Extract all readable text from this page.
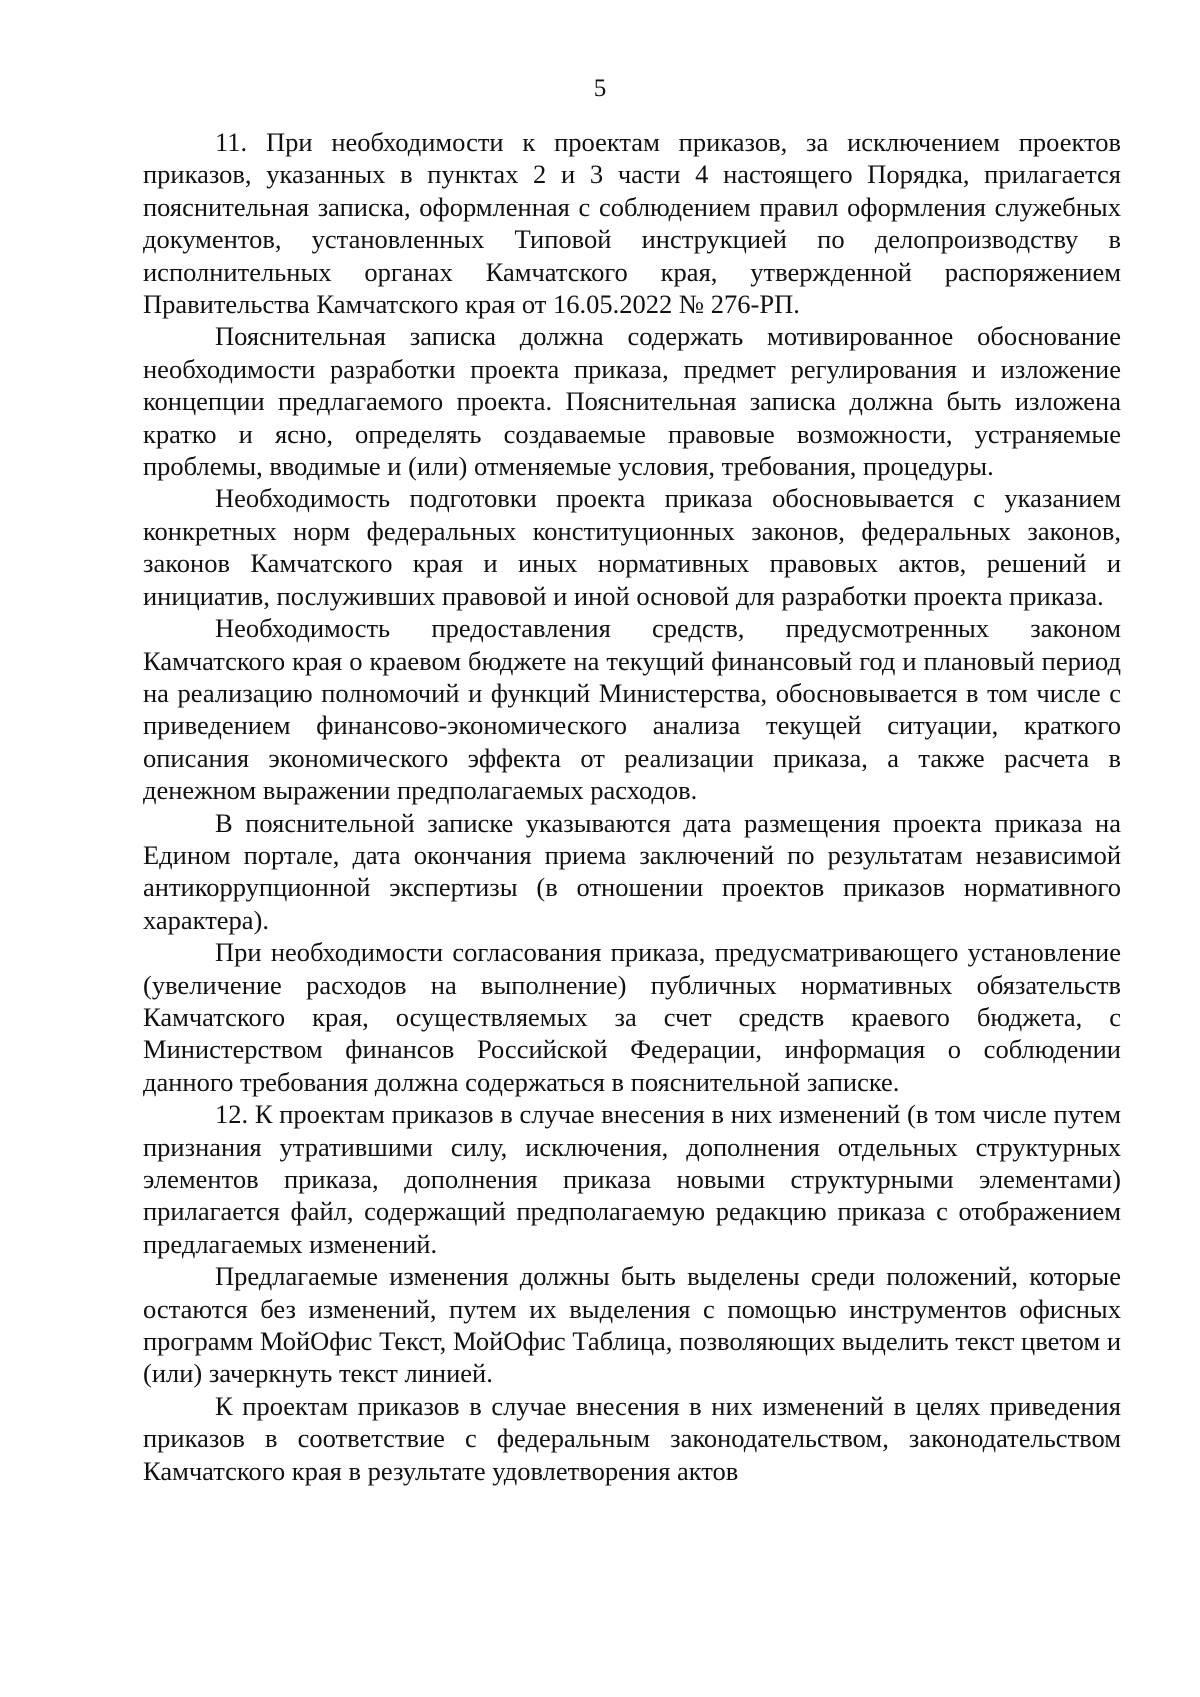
5

11. При необходимости к проектам приказов, за исключением проектов приказов, указанных в пунктах 2 и 3 части 4 настоящего Порядка, прилагается пояснительная записка, оформленная с соблюдением правил оформления служебных документов, установленных Типовой инструкцией по делопроизводству в исполнительных органах Камчатского края, утвержденной распоряжением Правительства Камчатского края от 16.05.2022 № 276-РП.

Пояснительная записка должна содержать мотивированное обоснование необходимости разработки проекта приказа, предмет регулирования и изложение концепции предлагаемого проекта. Пояснительная записка должна быть изложена кратко и ясно, определять создаваемые правовые возможности, устраняемые проблемы, вводимые и (или) отменяемые условия, требования, процедуры.

Необходимость подготовки проекта приказа обосновывается с указанием конкретных норм федеральных конституционных законов, федеральных законов, законов Камчатского края и иных нормативных правовых актов, решений и инициатив, послуживших правовой и иной основой для разработки проекта приказа.

Необходимость предоставления средств, предусмотренных законом Камчатского края о краевом бюджете на текущий финансовый год и плановый период на реализацию полномочий и функций Министерства, обосновывается в том числе с приведением финансово-экономического анализа текущей ситуации, краткого описания экономического эффекта от реализации приказа, а также расчета в денежном выражении предполагаемых расходов.

В пояснительной записке указываются дата размещения проекта приказа на Едином портале, дата окончания приема заключений по результатам независимой антикоррупционной экспертизы (в отношении проектов приказов нормативного характера).

При необходимости согласования приказа, предусматривающего установление (увеличение расходов на выполнение) публичных нормативных обязательств Камчатского края, осуществляемых за счет средств краевого бюджета, с Министерством финансов Российской Федерации, информация о соблюдении данного требования должна содержаться в пояснительной записке.

12. К проектам приказов в случае внесения в них изменений (в том числе путем признания утратившими силу, исключения, дополнения отдельных структурных элементов приказа, дополнения приказа новыми структурными элементами) прилагается файл, содержащий предполагаемую редакцию приказа с отображением предлагаемых изменений.

Предлагаемые изменения должны быть выделены среди положений, которые остаются без изменений, путем их выделения с помощью инструментов офисных программ МойОфис Текст, МойОфис Таблица, позволяющих выделить текст цветом и (или) зачеркнуть текст линией.

К проектам приказов в случае внесения в них изменений в целях приведения приказов в соответствие с федеральным законодательством, законодательством Камчатского края в результате удовлетворения актов
